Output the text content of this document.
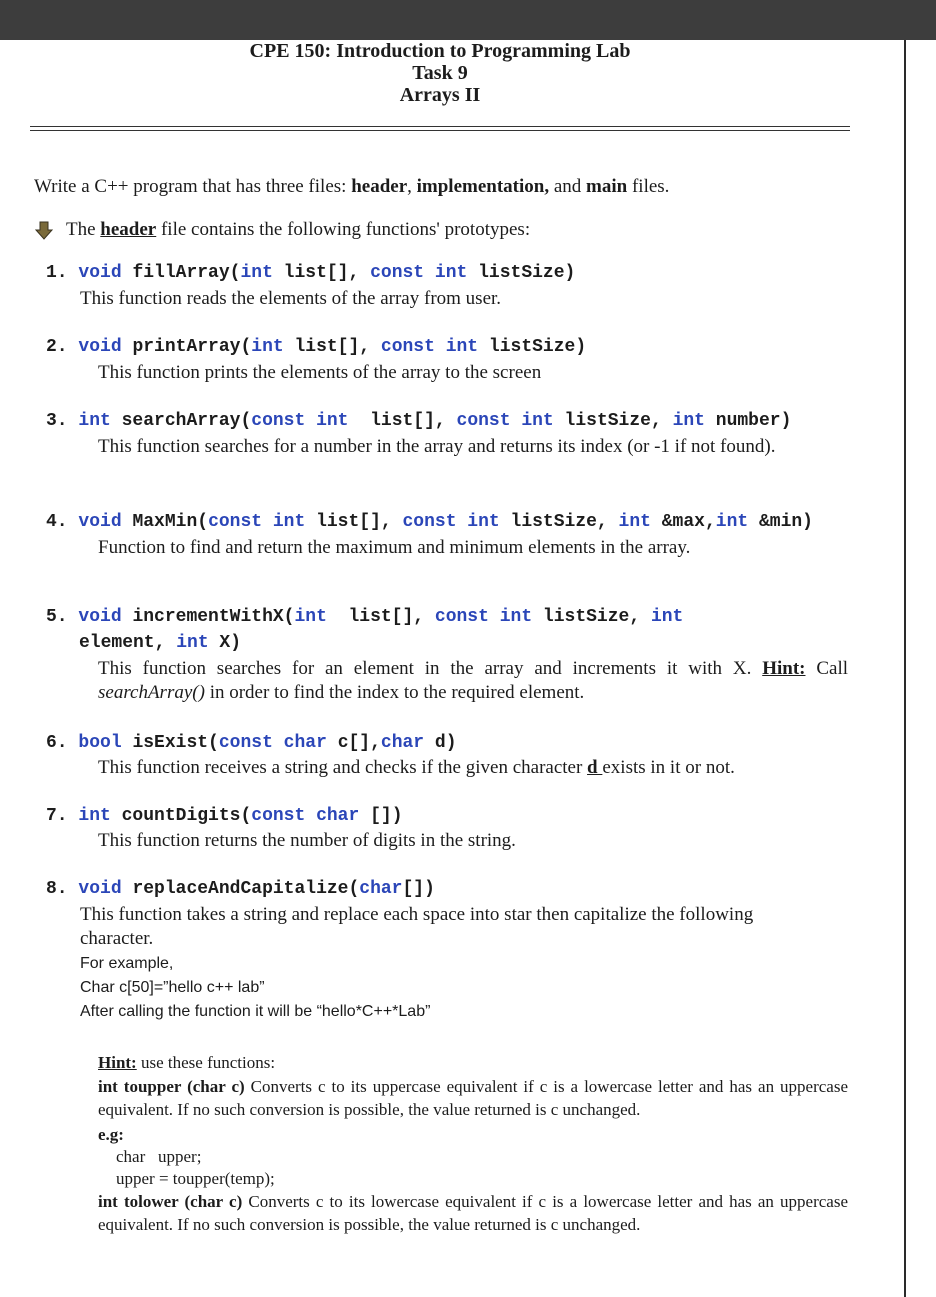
CPE 150: Introduction to Programming Lab
Task 9
Arrays II
Write a C++ program that has three files: header, implementation, and main files.
The header file contains the following functions' prototypes:
1. void fillArray(int list[], const int listSize)
This function reads the elements of the array from user.
2. void printArray(int list[], const int listSize)
This function prints the elements of the array to the screen
3. int searchArray(const int  list[], const int listSize, int number)
This function searches for a number in the array and returns its index (or -1 if not found).
4. void MaxMin(const int list[], const int listSize, int &max,int &min)
Function to find and return the maximum and minimum elements in the array.
5. void incrementWithX(int  list[], const int listSize, int
element, int X)
This function searches for an element in the array and increments it with X. Hint: Call searchArray() in order to find the index to the required element.
6. bool isExist(const char c[],char d)
This function receives a string and checks if the given character d exists in it or not.
7. int countDigits(const char [])
This function returns the number of digits in the string.
8. void replaceAndCapitalize(char[])
This function takes a string and replace each space into star then capitalize the following character.
For example,
Char c[50]=”hello c++ lab”
After calling the function it will be “hello*C++*Lab”
Hint: use these functions:
int toupper (char c) Converts c to its uppercase equivalent if c is a lowercase letter and has an uppercase equivalent. If no such conversion is possible, the value returned is c unchanged.
e.g:
char   upper;
upper = toupper(temp);
int tolower (char c) Converts c to its lowercase equivalent if c is a lowercase letter and has an uppercase equivalent. If no such conversion is possible, the value returned is c unchanged.
